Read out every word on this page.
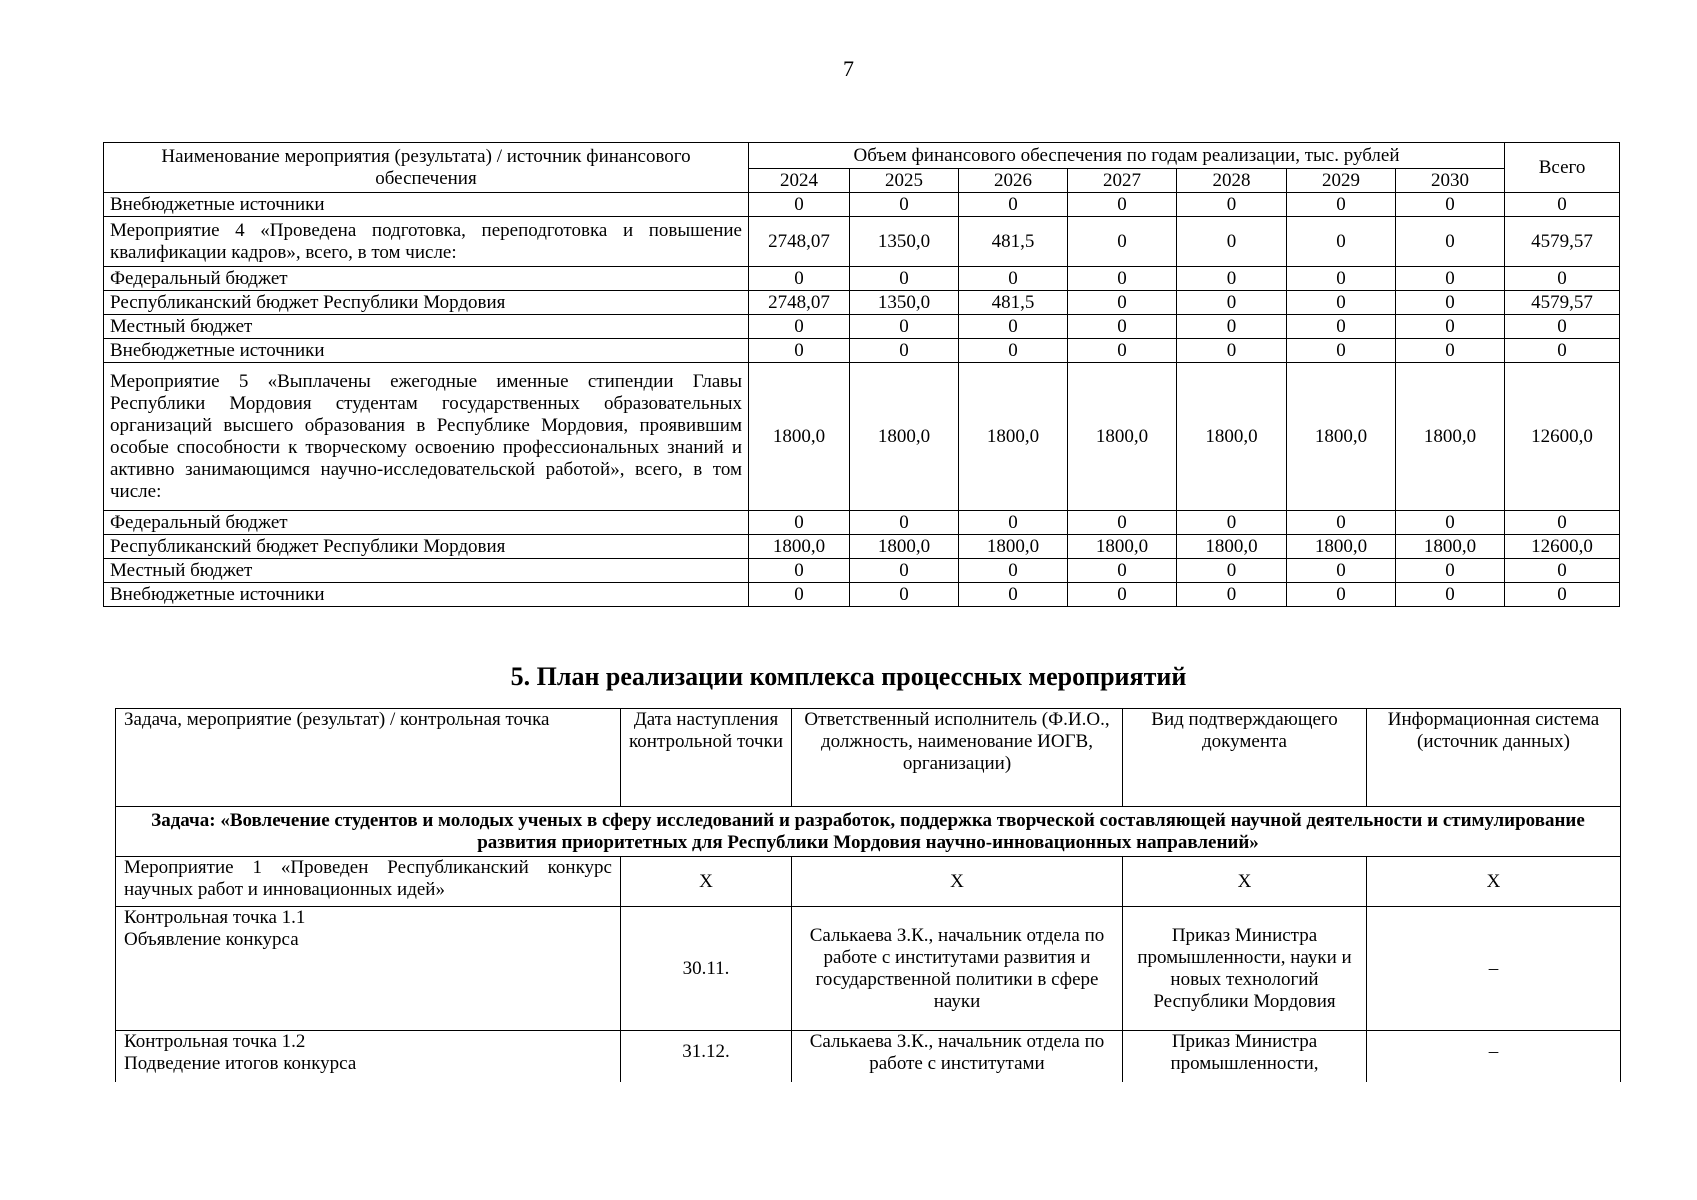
7
Наименование мероприятия (результата) / источник финансового обеспечения	Объем финансового обеспечения по годам реализации, тыс. рублей							Всего
	2024	2025	2026	2027	2028	2029	2030	
Внебюджетные источники	0	0	0	0	0	0	0	0
Мероприятие 4 «Проведена подготовка, переподготовка и повышение квалификации кадров», всего, в том числе:	2748,07	1350,0	481,5	0	0	0	0	4579,57
Федеральный бюджет	0	0	0	0	0	0	0	0
Республиканский бюджет Республики Мордовия	2748,07	1350,0	481,5	0	0	0	0	4579,57
Местный бюджет	0	0	0	0	0	0	0	0
Внебюджетные источники	0	0	0	0	0	0	0	0
Мероприятие 5 «Выплачены ежегодные именные стипендии Главы Республики Мордовия студентам государственных образовательных организаций высшего образования в Республике Мордовия, проявившим особые способности к творческому освоению профессиональных знаний и активно занимающимся научно-исследовательской работой», всего, в том числе:	1800,0	1800,0	1800,0	1800,0	1800,0	1800,0	1800,0	12600,0
Федеральный бюджет	0	0	0	0	0	0	0	0
Республиканский бюджет Республики Мордовия	1800,0	1800,0	1800,0	1800,0	1800,0	1800,0	1800,0	12600,0
Местный бюджет	0	0	0	0	0	0	0	0
Внебюджетные источники	0	0	0	0	0	0	0	0
5. План реализации комплекса процессных мероприятий
Задача, мероприятие (результат) / контрольная точка	Дата наступления контрольной точки	Ответственный исполнитель (Ф.И.О., должность, наименование ИОГВ, организации)	Вид подтверждающего документа	Информационная система (источник данных)
Задача: «Вовлечение студентов и молодых ученых в сферу исследований и разработок, поддержка творческой составляющей научной деятельности и стимулирование развития приоритетных для Республики Мордовия научно-инновационных направлений»				
Мероприятие 1 «Проведен Республиканский конкурс научных работ и инновационных идей»	X	X	X	X

Контрольная точка 1.1
Объявление конкурса	30.11.	Салькаева З.К., начальник отдела по работе с институтами развития и государственной политики в сфере науки	Приказ Министра промышленности, науки и новых технологий Республики Мордовия	–

Контрольная точка 1.2
Подведение итогов конкурса	31.12.	Салькаева З.К., начальник отдела по работе с институтами	Приказ Министра промышленности,	–
